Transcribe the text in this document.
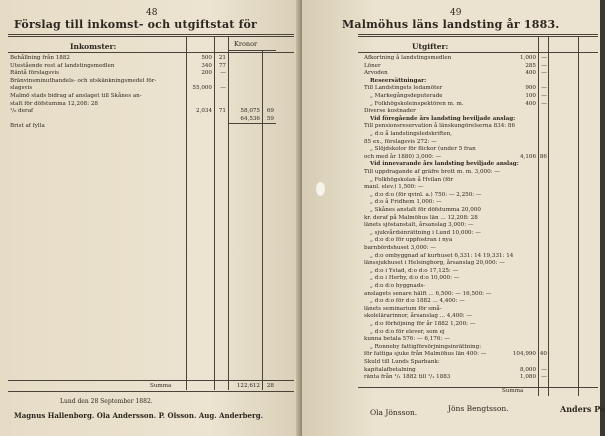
48
Förslag till inkomst- och utgiftstat för
Inkomster:	Kronor
Behållning från 1882	500	21
Utestående rest af landstingsmedlen	340	77
Räntå förslagsvis	200	—
Bränvinsminuthandels- och utskänkningsmedel för-
slagsvis	55,000	—
Malmö stads bidrag af anslaget till Skånes an-
stalt för döfstumma 12,208: 28
¹/₆ deraf	2,034	71	58,075	69
64,536	59
Brist af fylla
Summa	122,612	28
Lund den 28 September 1882.
Magnus Hallenborg. Ola Andersson. P. Olsson. Aug. Anderberg.
49
Malmöhus läns landsting år 1883.
Utgifter:
Afkortning å landstingsmedlen	1,000 —
Löner	285 —
Arvoden	400 —
Reseersättningar:
Till Landstingets ledamöter	900 —
„ Markegångsdeputerade	100 —
„ Folkhögskoleinspektören m. m.	400 —
Diverse kostnader
Vid föregående års landsting beviljade anslag:
Till pensionsreservation å länskungörelserna 834: 86
„ d:o å landstingsledskriften,
85 ex., förslagsvis 272: —
„ Slöjdskolor för flickor (under 5 fran
och med år 1880) 3,000: —	4,106 86
Vid innevarande års landsting beviljade anslag:
Till uppdragande af gräfre brott m. m. 3,000: —
„ Folkhögskolan å Hvilan (för
manl. elev.) 1,500: —
„ d:o d:o (för qvinl. a.) 750: — 2,250: —
„ d:o å Fridhem 1,000: —
„ Skånes anstalt för döfstumma 20,000
kr. deraf på Malmöhus län ... 12,208: 28
länets sjöstanstalt, årsanslag 3,000: —
„ sjukvårdsinrättning i Lund 10,000: —
„ d:o d:o för uppfostran i nya
barnbördshuset 3,000: —
„ d:o ombyggnad af kurhuset 6,331: 14 19,331: 14
länssjukhuset i Helsingborg, årsanslag 20,000: —
„ d:o i Ystad, d:o d:o 17,125: —
„ d:o i Herby, d:o d:o 10,000: —
„ d:o d:o byggnads-
anslagets senare hälft ... 6,500: — 16,500: —
„ d:o d:o för d:o 1882 ... 4,400: —
länets seminarium för små-
skolelärarinnor, årsanslag ... 4,400: —
„ d:o förhöjning för år 1882 1,200: —
„ d:o d:o för elever, som ej
kunna betala 576: — 6,176: —
„ Ronneby fattigförsörjningsinrättning:
för fattiga sjuke från Malmöhus län 400: —	104,990 40
Skuld till Lunds Sparbank:
kapitalafbetalning	8,000 —
ränta från ¹/₁ 1882 till ¹/₁ 1883	1,080 —
Summa
Ola Jönsson.	Jöns Bengtsson.	Anders Pe
